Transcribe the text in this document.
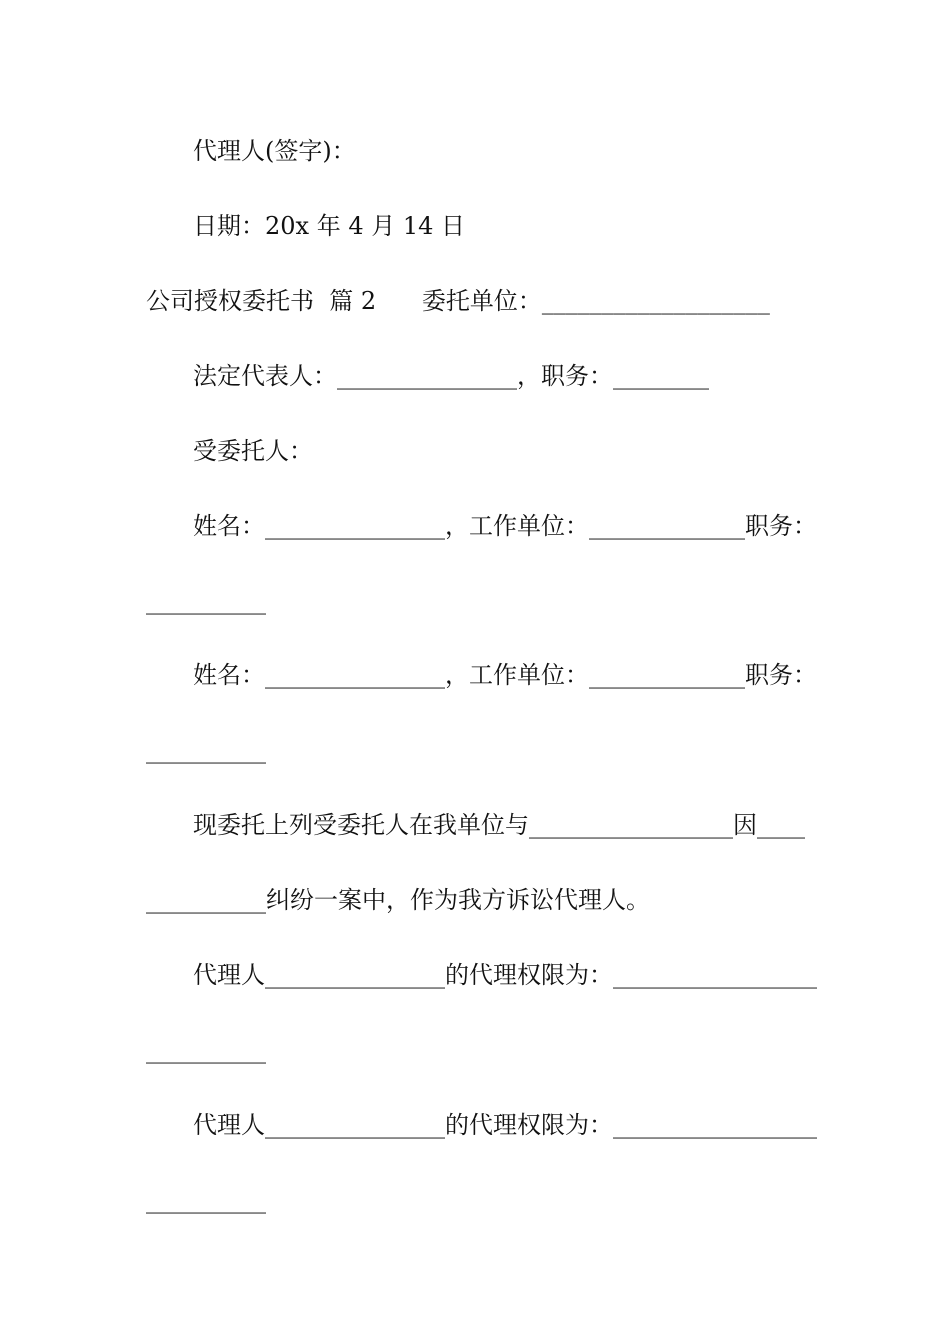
代理人(签字)：
日期：20x 年 4 月 14 日
公司授权委托书  篇 2      委托单位：___________________
法定代表人：_______________，职务：________
受委托人：
姓名：_______________，工作单位：_____________职务：
__________
姓名：_______________，工作单位：_____________职务：
__________
现委托上列受委托人在我单位与_________________因____
__________纠纷一案中，作为我方诉讼代理人。
代理人_______________的代理权限为：_________________
__________
代理人_______________的代理权限为：_________________
__________
